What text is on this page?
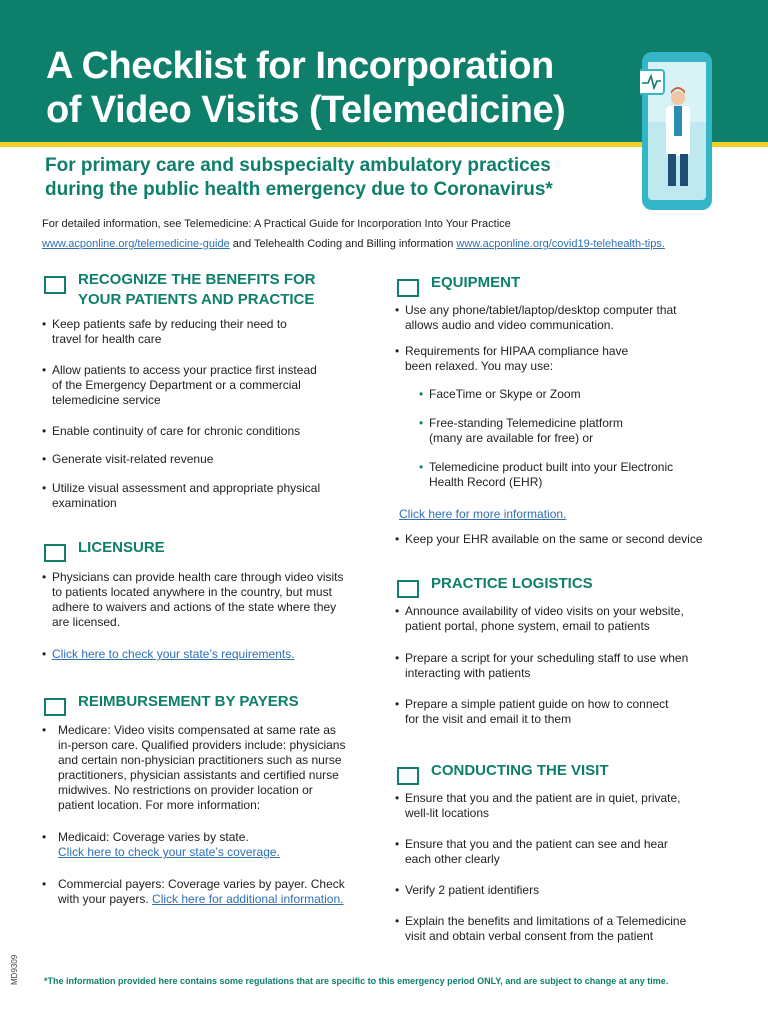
A Checklist for Incorporation
of Video Visits (Telemedicine)
For primary care and subspecialty ambulatory practices
during the public health emergency due to Coronavirus*
For detailed information, see Telemedicine: A Practical Guide for Incorporation Into Your Practice
www.acponline.org/telemedicine-guide and Telehealth Coding and Billing information www.acponline.org/covid19-telehealth-tips.
RECOGNIZE THE BENEFITS FOR
YOUR PATIENTS AND PRACTICE
• Keep patients safe by reducing their need to
travel for health care
• Allow patients to access your practice first instead
of the Emergency Department or a commercial
telemedicine service
• Enable continuity of care for chronic conditions
• Generate visit-related revenue
• Utilize visual assessment and appropriate physical
examination
LICENSURE
• Physicians can provide health care through video visits
to patients located anywhere in the country, but must
adhere to waivers and actions of the state where they
are licensed.
• Click here to check your state’s requirements.
REIMBURSEMENT BY PAYERS
• Medicare: Video visits compensated at same rate as
in-person care. Qualified providers include: physicians
and certain non-physician practitioners such as nurse
practitioners, physician assistants and certified nurse
midwives. No restrictions on provider location or
patient location. For more information:
• Medicaid: Coverage varies by state.
Click here to check your state’s coverage.
• Commercial payers: Coverage varies by payer. Check
with your payers. Click here for additional information.
EQUIPMENT
• Use any phone/tablet/laptop/desktop computer that
allows audio and video communication.
• Requirements for HIPAA compliance have
been relaxed. You may use:
• FaceTime or Skype or Zoom
• Free-standing Telemedicine platform
(many are available for free) or
• Telemedicine product built into your Electronic
Health Record (EHR)
Click here for more information.
• Keep your EHR available on the same or second device
PRACTICE LOGISTICS
• Announce availability of video visits on your website,
patient portal, phone system, email to patients
• Prepare a script for your scheduling staff to use when
interacting with patients
• Prepare a simple patient guide on how to connect
for the visit and email it to them
CONDUCTING THE VISIT
• Ensure that you and the patient are in quiet, private,
well-lit locations
• Ensure that you and the patient can see and hear
each other clearly
• Verify 2 patient identifiers
• Explain the benefits and limitations of a Telemedicine
visit and obtain verbal consent from the patient
*The information provided here contains some regulations that are specific to this emergency period ONLY, and are subject to change at any time.
MD9309
